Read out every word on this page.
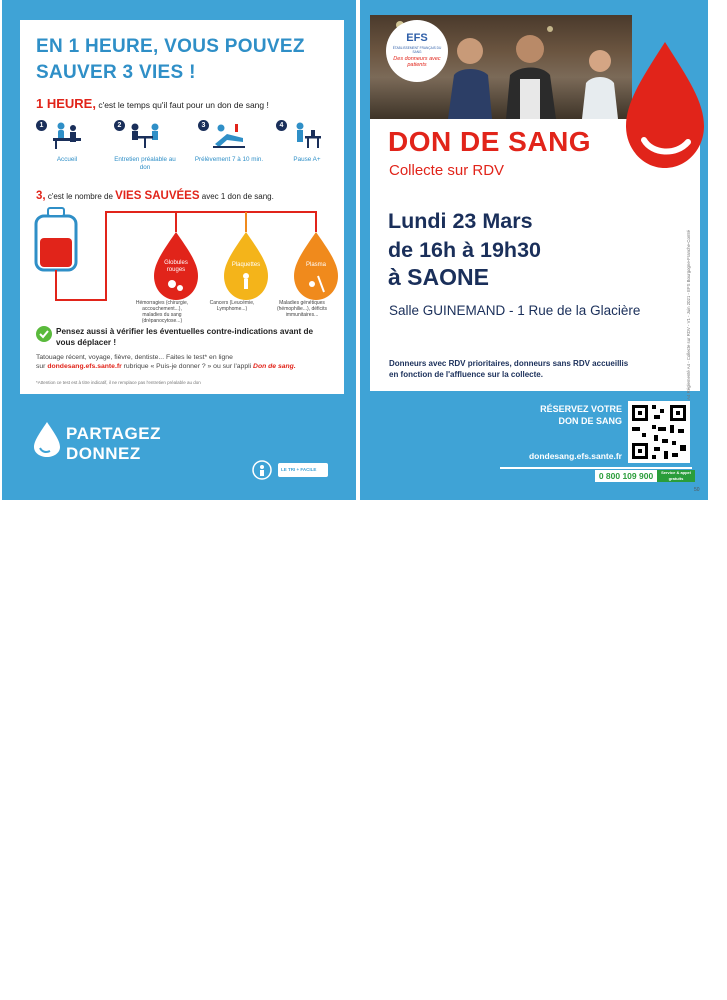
EN 1 HEURE, VOUS POUVEZ
SAUVER 3 VIES !
1 HEURE, c'est le temps qu'il faut pour un don de sang !
1
Accueil
2
Entretien préalable au don
3
Prélèvement 7 à 10 min.
4
Pause A+
3, c'est le nombre de VIES SAUVÉES avec 1 don de sang.
Globules rouges
Plaquettes	Plasma
Hémorragies (chirurgie, accouchement...), maladies du sang (drépanocytose...)
Cancers (Leucémie, Lymphome...)
Maladies génétiques (hémophilie...), déficits immunitaires...
Pensez aussi à vérifier les éventuelles contre-indications avant de vous déplacer !
Tatouage récent, voyage, fièvre, dentiste... Faites le test* en ligne
sur dondesang.efs.sante.fr rubrique « Puis-je donner ? » ou sur l'appli Don de sang.
*Attention ce test est à titre indicatif, il ne remplace pas l'entretien préalable au don
PARTAGEZ
DONNEZ
LE TRI + FACILE
EFS
ÉTABLISSEMENT FRANÇAIS DU SANG
Des donneurs avec patients
DON DE SANG
Collecte sur RDV
Lundi 23 Mars
de 16h à 19h30
à SAONE
Salle GUINEMAND - 1 Rue de la Glacière
Donneurs avec RDV prioritaires, donneurs sans RDV accueillis en fonction de l'affluence sur la collecte.	A4 Réglementé A4 - Collecte sur RDV - V1 - Juin 2021 - EFS Bourgogne-Franche-Comté
RÉSERVEZ VOTRE
DON DE SANG
dondesang.efs.sante.fr
0 800 109 900	Service & appel gratuits
50
